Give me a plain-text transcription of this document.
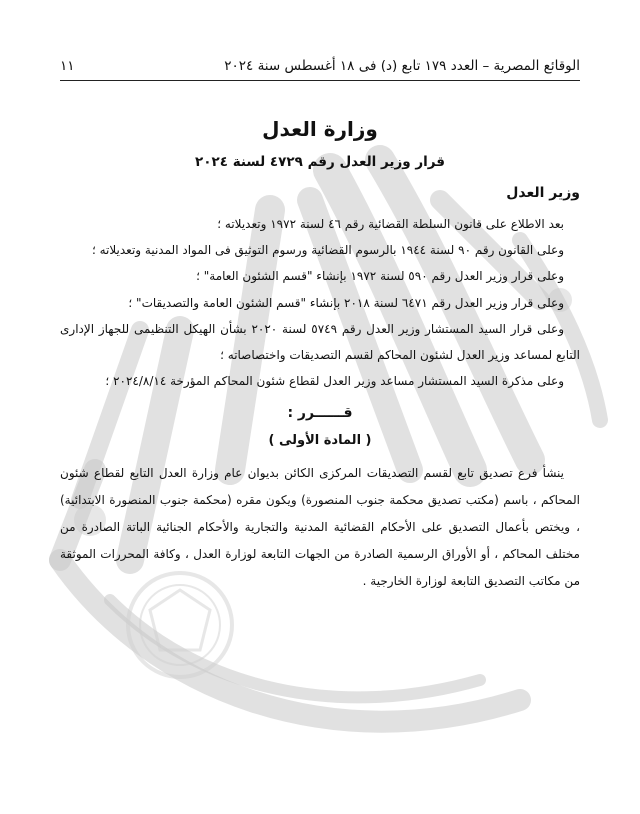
الوقائع المصرية – العدد ١٧٩ تابع (د) فى ١٨ أغسطس سنة ٢٠٢٤
١١
وزارة العدل
قرار وزير العدل رقم ٤٧٢٩ لسنة ٢٠٢٤
وزير العدل

بعد الاطلاع على قانون السلطة القضائية رقم ٤٦ لسنة ١٩٧٢ وتعديلاته ؛

وعلى القانون رقم ٩٠ لسنة ١٩٤٤ بالرسوم القضائية ورسوم التوثيق فى المواد المدنية وتعديلاته ؛

وعلى قرار وزير العدل رقم ٥٩٠ لسنة ١٩٧٢ بإنشاء "قسم الشئون العامة" ؛

وعلى قرار وزير العدل رقم ٦٤٧١ لسنة ٢٠١٨ بإنشاء "قسم الشئون العامة والتصديقات" ؛

وعلى قرار السيد المستشار وزير العدل رقم ٥٧٤٩ لسنة ٢٠٢٠ بشأن الهيكل التنظيمى للجهاز الإدارى التابع لمساعد وزير العدل لشئون المحاكم لقسم التصديقات واختصاصاته ؛

وعلى مذكرة السيد المستشار مساعد وزير العدل لقطاع شئون المحاكم المؤرخة ٢٠٢٤/٨/١٤ ؛

قــــــرر :
( المادة الأولى )

ينشأ فرع تصديق تابع لقسم التصديقات المركزى الكائن بديوان عام وزارة العدل التابع لقطاع شئون المحاكم ، باسم (مكتب تصديق محكمة جنوب المنصورة) ويكون مقره (محكمة جنوب المنصورة الابتدائية) ، ويختص بأعمال التصديق على الأحكام القضائية المدنية والتجارية والأحكام الجنائية الباتة الصادرة من مختلف المحاكم ، أو الأوراق الرسمية الصادرة من الجهات التابعة لوزارة العدل ، وكافة المحررات الموثقة من مكاتب التصديق التابعة لوزارة الخارجية .
